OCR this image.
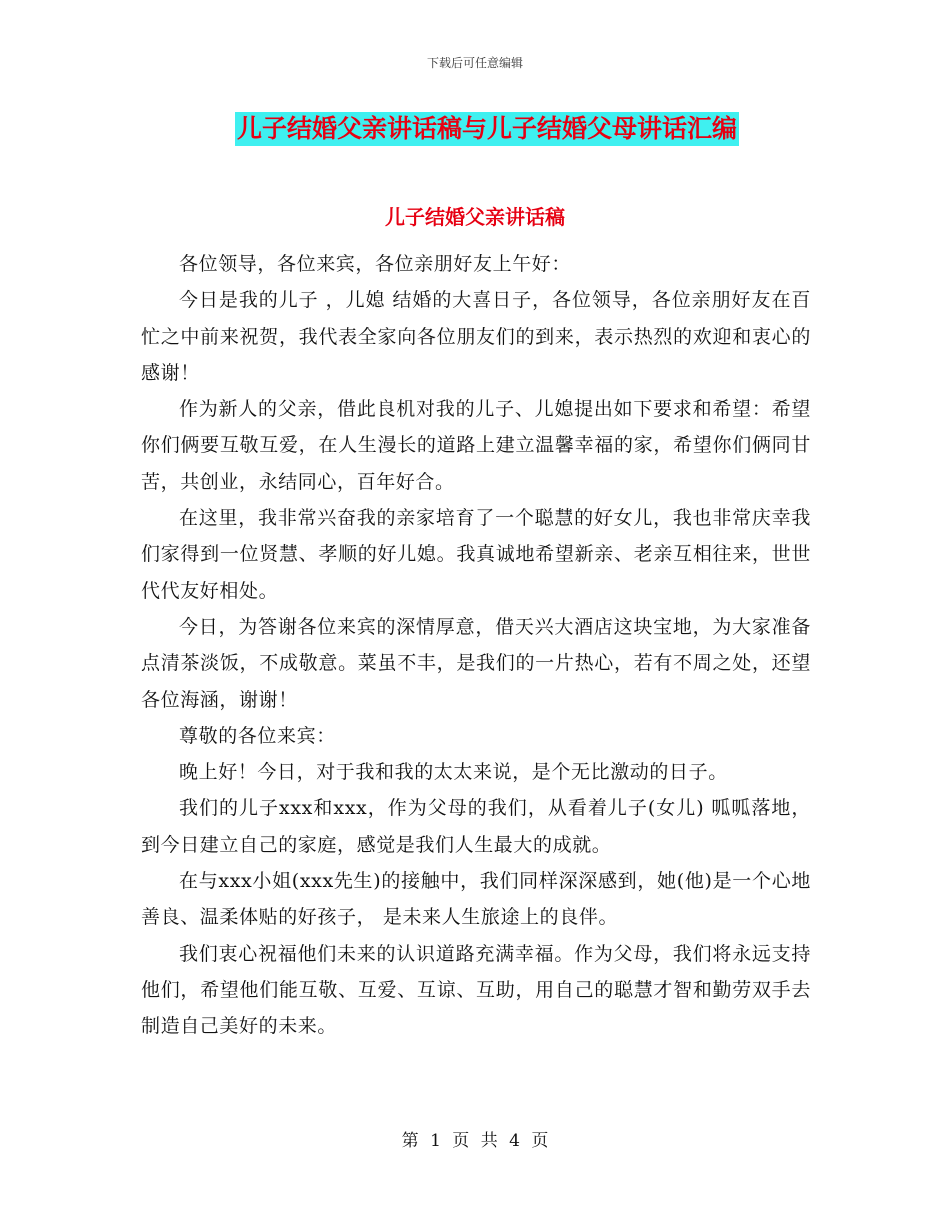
下载后可任意编辑
儿子结婚父亲讲话稿与儿子结婚父母讲话汇编
儿子结婚父亲讲话稿

各位领导，各位来宾，各位亲朋好友上午好：

今日是我的儿子 ，儿媳 结婚的大喜日子，各位领导，各位亲朋好友在百忙之中前来祝贺，我代表全家向各位朋友们的到来，表示热烈的欢迎和衷心的感谢！

作为新人的父亲，借此良机对我的儿子、儿媳提出如下要求和希望：希望你们俩要互敬互爱，在人生漫长的道路上建立温馨幸福的家，希望你们俩同甘苦，共创业，永结同心，百年好合。

在这里，我非常兴奋我的亲家培育了一个聪慧的好女儿，我也非常庆幸我们家得到一位贤慧、孝顺的好儿媳。我真诚地希望新亲、老亲互相往来，世世代代友好相处。

今日，为答谢各位来宾的深情厚意，借天兴大酒店这块宝地，为大家准备点清茶淡饭，不成敬意。菜虽不丰，是我们的一片热心，若有不周之处，还望各位海涵，谢谢！

尊敬的各位来宾：

晚上好！今日，对于我和我的太太来说，是个无比激动的日子。

我们的儿子xxx和xxx，作为父母的我们，从看着儿子(女儿) 呱呱落地，到今日建立自己的家庭，感觉是我们人生最大的成就。

在与xxx小姐(xxx先生)的接触中，我们同样深深感到，她(他)是一个心地善良、温柔体贴的好孩子， 是未来人生旅途上的良伴。

我们衷心祝福他们未来的认识道路充满幸福。作为父母，我们将永远支持他们，希望他们能互敬、互爱、互谅、互助，用自己的聪慧才智和勤劳双手去制造自己美好的未来。

第 1 页 共 4 页
